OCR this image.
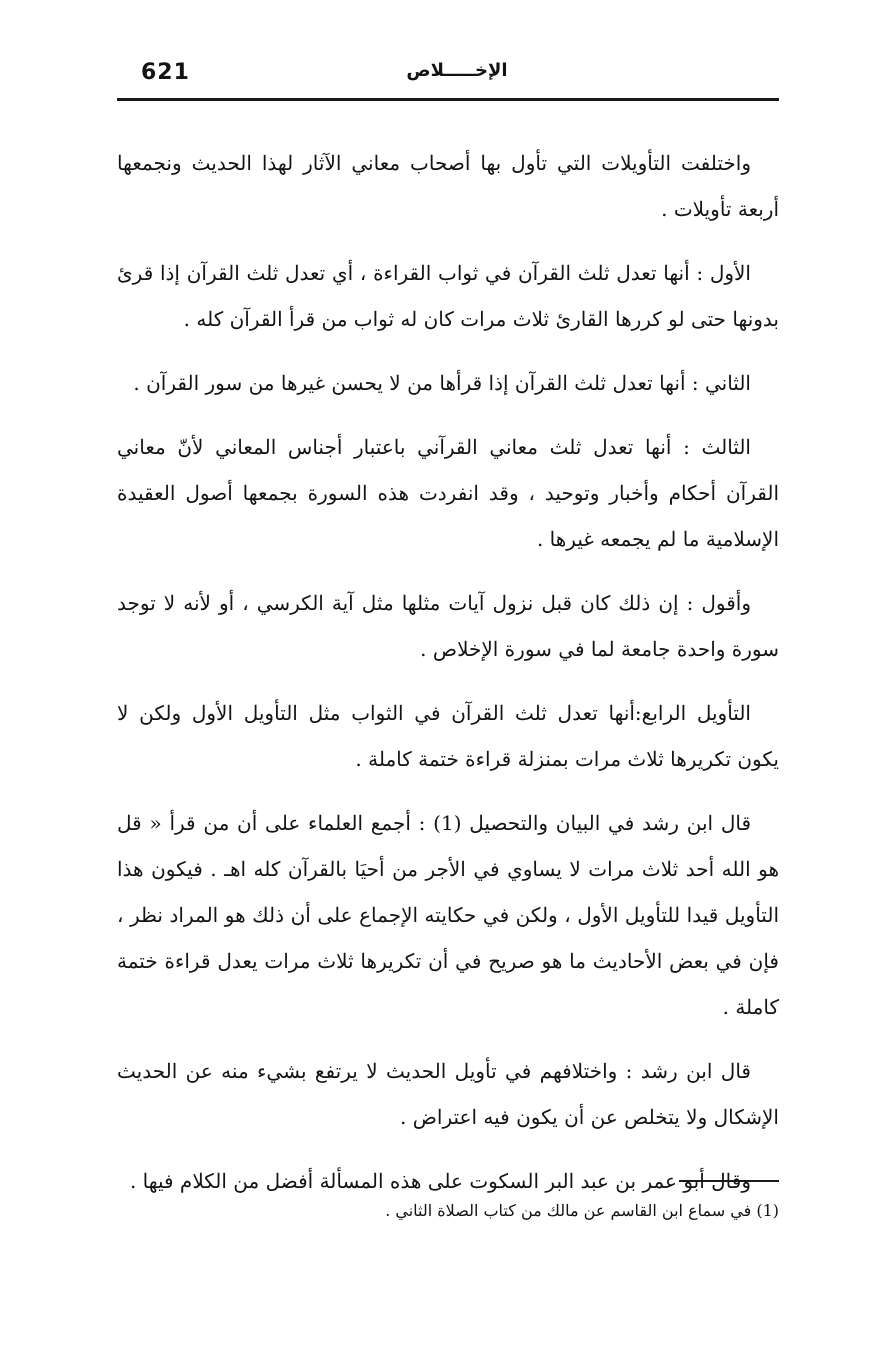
621	الإخـــــلاص

واختلفت التأويلات التي تأول بها أصحاب معاني الآثار لهذا الحديث ونجمعها أربعة تأويلات .

الأول : أنها تعدل ثلث القرآن في ثواب القراءة ، أي تعدل ثلث القرآن إذا قرئ بدونها حتى لو كررها القارئ ثلاث مرات كان له ثواب من قرأ القرآن كله .

الثاني : أنها تعدل ثلث القرآن إذا قرأها من لا يحسن غيرها من سور القرآن .

الثالث : أنها تعدل ثلث معاني القرآني باعتبار أجناس المعاني لأنّ معاني القرآن أحكام وأخبار وتوحيد ، وقد انفردت هذه السورة بجمعها أصول العقيدة الإسلامية ما لم يجمعه غيرها .

وأقول : إن ذلك كان قبل نزول آيات مثلها مثل آية الكرسي ، أو لأنه لا توجد سورة واحدة جامعة لما في سورة الإخلاص .

التأويل الرابع:أنها تعدل ثلث القرآن في الثواب مثل التأويل الأول ولكن لا يكون تكريرها ثلاث مرات بمنزلة قراءة ختمة كاملة .

قال ابن رشد في البيان والتحصيل (1) : أجمع العلماء على أن من قرأ « قل هو الله أحد ثلاث مرات لا يساوي في الأجر من أحيَا بالقرآن كله اهـ . فيكون هذا التأويل قيدا للتأويل الأول ، ولكن في حكايته الإجماع على أن ذلك هو المراد نظر ، فإن في بعض الأحاديث ما هو صريح في أن تكريرها ثلاث مرات يعدل قراءة ختمة كاملة .

قال ابن رشد : واختلافهم في تأويل الحديث لا يرتفع بشيء منه عن الحديث الإشكال ولا يتخلص عن أن يكون فيه اعتراض .

وقال أبو عمر بن عبد البر السكوت على هذه المسألة أفضل من الكلام فيها .

(1) في سماع ابن القاسم عن مالك من كتاب الصلاة الثاني .
